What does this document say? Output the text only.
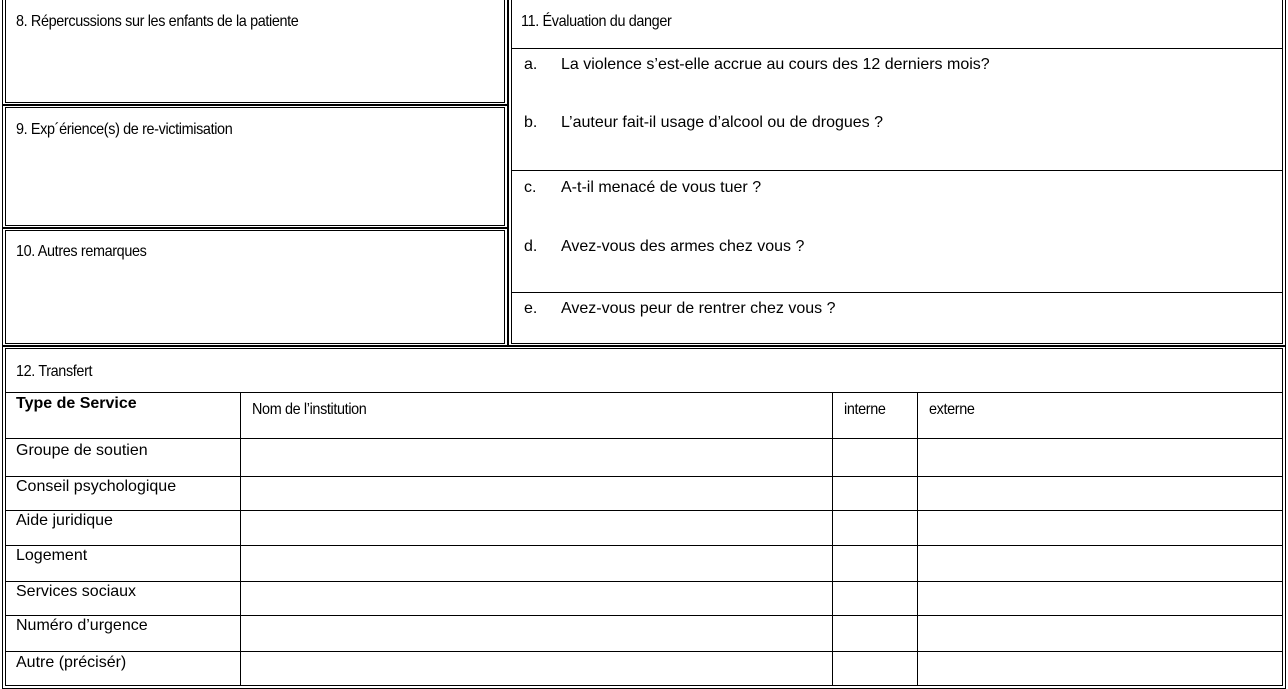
8. Répercussions sur les enfants de la patiente
9. Exp´érience(s) de re-victimisation
10. Autres remarques
11. Évaluation du danger
a. La violence s’est-elle accrue au cours des 12 derniers mois?
b. L’auteur fait-il usage d’alcool ou de drogues ?
c. A-t-il menacé de vous tuer ?
d. Avez-vous des armes chez vous ?
e. Avez-vous peur de rentrer chez vous ?
12. Transfert
Type de Service	Nom de l’institution	interne	externe
Groupe de soutien
Conseil psychologique
Aide juridique
Logement
Services sociaux
Numéro d’urgence
Autre (précisér)
